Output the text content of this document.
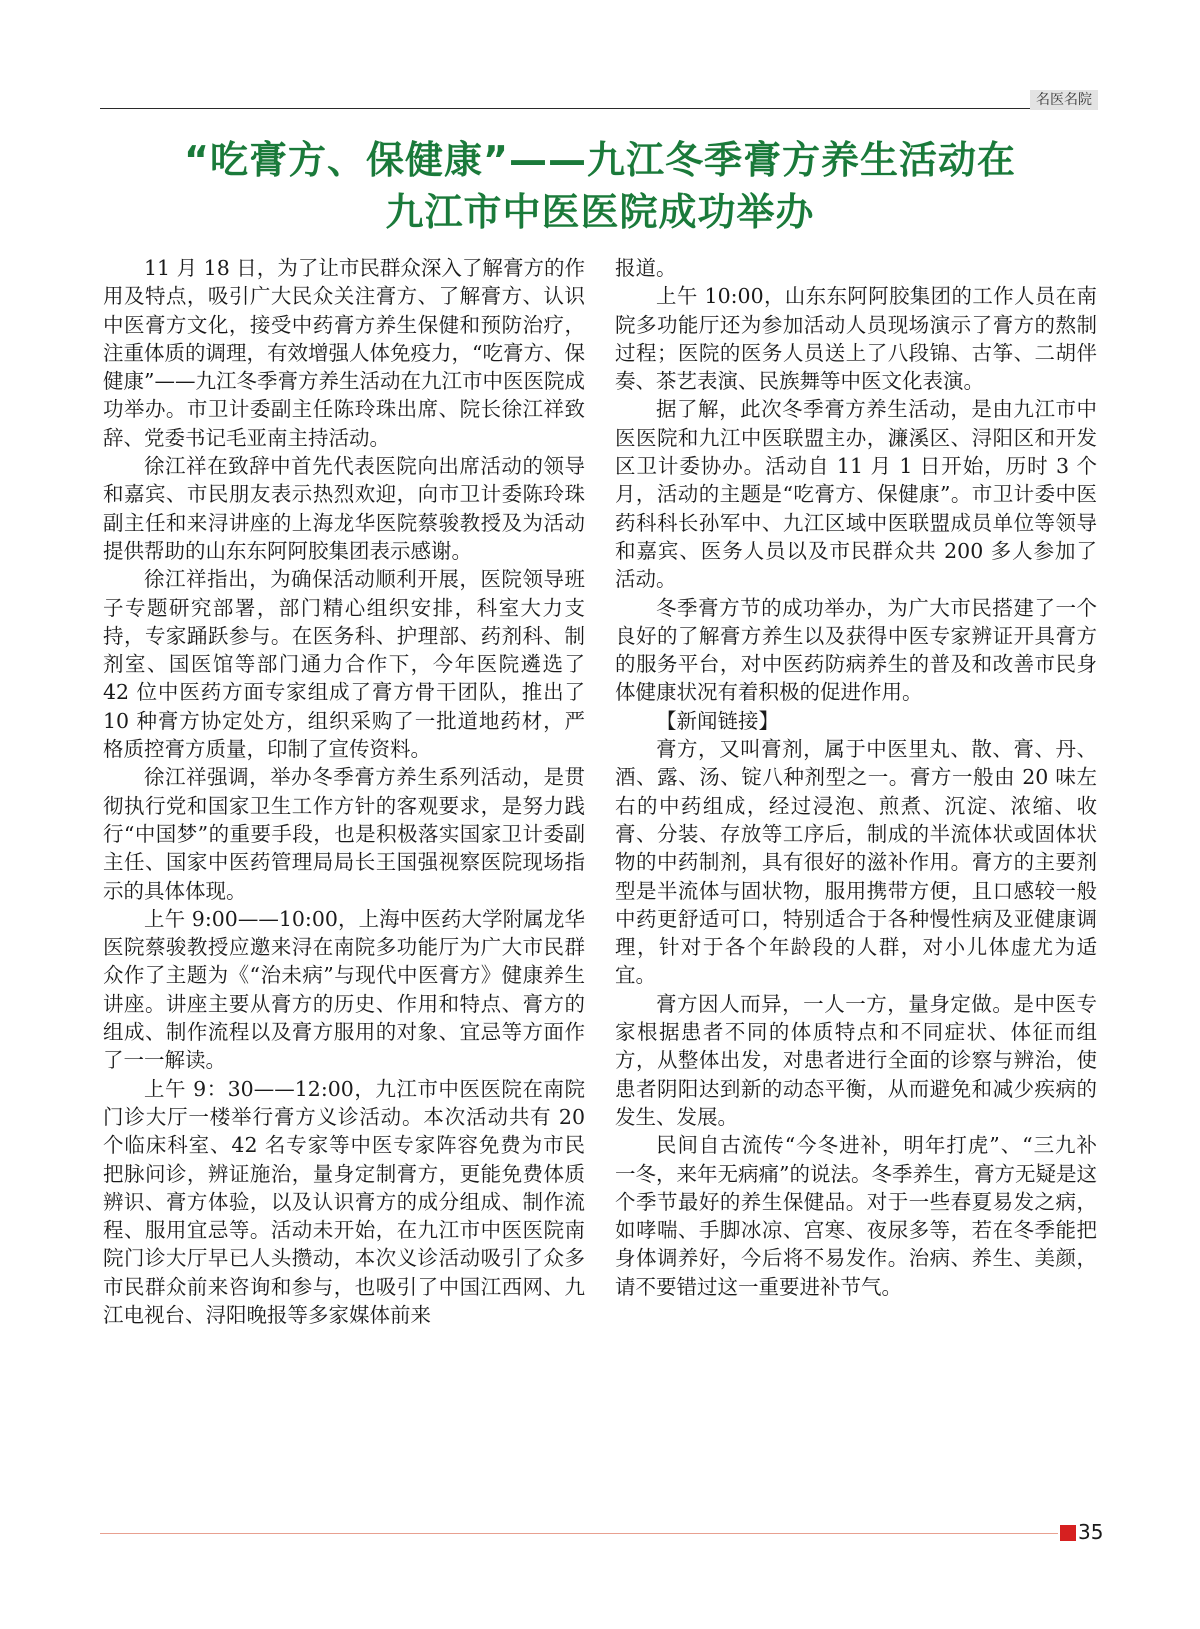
名医名院
“吃膏方、保健康”——九江冬季膏方养生活动在
九江市中医医院成功举办

11 月 18 日，为了让市民群众深入了解膏方的作用及特点，吸引广大民众关注膏方、了解膏方、认识中医膏方文化，接受中药膏方养生保健和预防治疗，注重体质的调理，有效增强人体免疫力，“吃膏方、保健康”——九江冬季膏方养生活动在九江市中医医院成功举办。市卫计委副主任陈玲珠出席、院长徐江祥致辞、党委书记毛亚南主持活动。

徐江祥在致辞中首先代表医院向出席活动的领导和嘉宾、市民朋友表示热烈欢迎，向市卫计委陈玲珠副主任和来浔讲座的上海龙华医院蔡骏教授及为活动提供帮助的山东东阿阿胶集团表示感谢。

徐江祥指出，为确保活动顺利开展，医院领导班子专题研究部署，部门精心组织安排，科室大力支持，专家踊跃参与。在医务科、护理部、药剂科、制剂室、国医馆等部门通力合作下，今年医院遴选了 42 位中医药方面专家组成了膏方骨干团队，推出了 10 种膏方协定处方，组织采购了一批道地药材，严格质控膏方质量，印制了宣传资料。

徐江祥强调，举办冬季膏方养生系列活动，是贯彻执行党和国家卫生工作方针的客观要求，是努力践行“中国梦”的重要手段，也是积极落实国家卫计委副主任、国家中医药管理局局长王国强视察医院现场指示的具体体现。

上午 9:00——10:00，上海中医药大学附属龙华医院蔡骏教授应邀来浔在南院多功能厅为广大市民群众作了主题为《“治未病”与现代中医膏方》健康养生讲座。讲座主要从膏方的历史、作用和特点、膏方的组成、制作流程以及膏方服用的对象、宜忌等方面作了一一解读。

上午 9：30——12:00，九江市中医医院在南院门诊大厅一楼举行膏方义诊活动。本次活动共有 20 个临床科室、42 名专家等中医专家阵容免费为市民把脉问诊，辨证施治，量身定制膏方，更能免费体质辨识、膏方体验，以及认识膏方的成分组成、制作流程、服用宜忌等。活动未开始，在九江市中医医院南院门诊大厅早已人头攒动，本次义诊活动吸引了众多市民群众前来咨询和参与，也吸引了中国江西网、九江电视台、浔阳晚报等多家媒体前来

报道。

上午 10:00，山东东阿阿胶集团的工作人员在南院多功能厅还为参加活动人员现场演示了膏方的熬制过程；医院的医务人员送上了八段锦、古筝、二胡伴奏、茶艺表演、民族舞等中医文化表演。

据了解，此次冬季膏方养生活动，是由九江市中医医院和九江中医联盟主办，濂溪区、浔阳区和开发区卫计委协办。活动自 11 月 1 日开始，历时 3 个月，活动的主题是“吃膏方、保健康”。市卫计委中医药科科长孙军中、九江区域中医联盟成员单位等领导和嘉宾、医务人员以及市民群众共 200 多人参加了活动。

冬季膏方节的成功举办，为广大市民搭建了一个良好的了解膏方养生以及获得中医专家辨证开具膏方的服务平台，对中医药防病养生的普及和改善市民身体健康状况有着积极的促进作用。

【新闻链接】

膏方，又叫膏剂，属于中医里丸、散、膏、丹、酒、露、汤、锭八种剂型之一。膏方一般由 20 味左右的中药组成，经过浸泡、煎煮、沉淀、浓缩、收膏、分装、存放等工序后，制成的半流体状或固体状物的中药制剂，具有很好的滋补作用。膏方的主要剂型是半流体与固状物，服用携带方便，且口感较一般中药更舒适可口，特别适合于各种慢性病及亚健康调理，针对于各个年龄段的人群，对小儿体虚尤为适宜。

膏方因人而异，一人一方，量身定做。是中医专家根据患者不同的体质特点和不同症状、体征而组方，从整体出发，对患者进行全面的诊察与辨治，使患者阴阳达到新的动态平衡，从而避免和减少疾病的发生、发展。

民间自古流传“今冬进补，明年打虎”、“三九补一冬，来年无病痛”的说法。冬季养生，膏方无疑是这个季节最好的养生保健品。对于一些春夏易发之病，如哮喘、手脚冰凉、宫寒、夜尿多等，若在冬季能把身体调养好，今后将不易发作。治病、养生、美颜，请不要错过这一重要进补节气。

35
